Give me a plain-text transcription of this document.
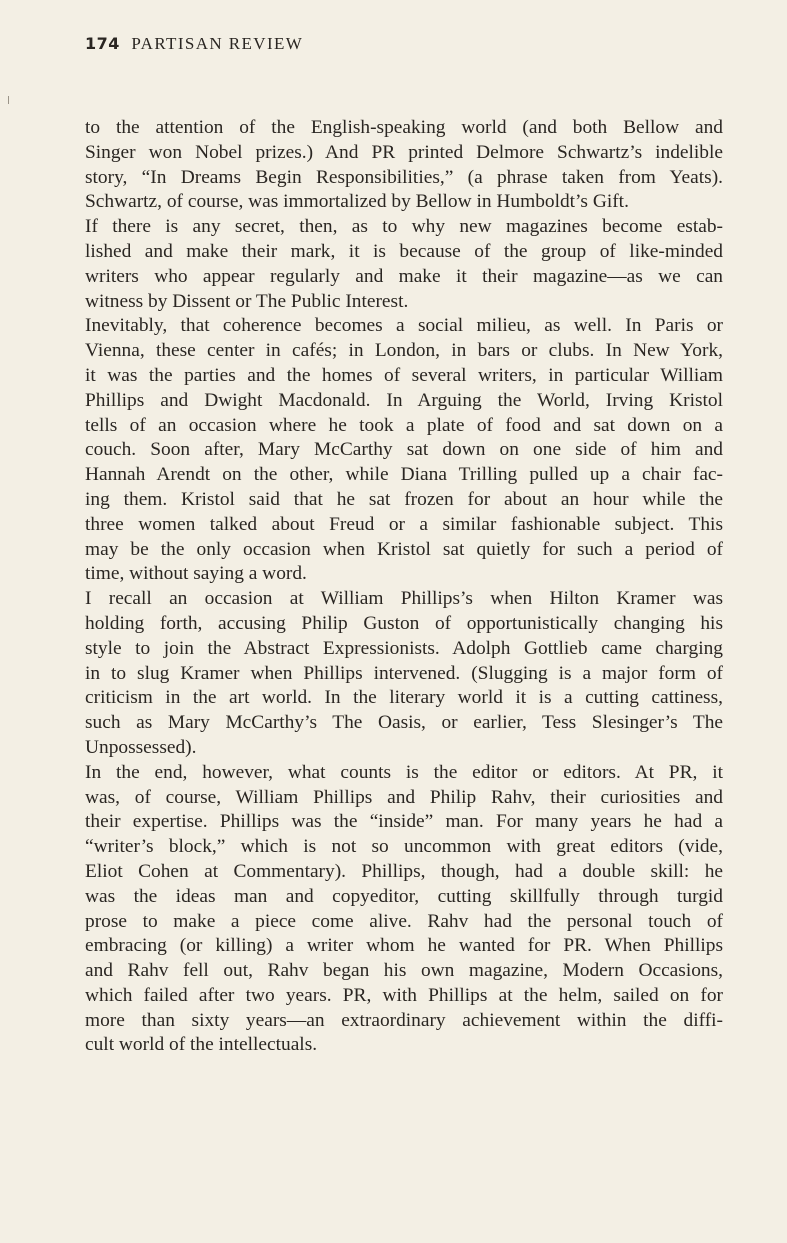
174 PARTISAN REVIEW

to the attention of the English-speaking world (and both Bellow and
Singer won Nobel prizes.) And PR printed Delmore Schwartz’s indelible
story, “In Dreams Begin Responsibilities,” (a phrase taken from Yeats).
Schwartz, of course, was immortalized by Bellow in Humboldt’s Gift.

If there is any secret, then, as to why new magazines become estab-
lished and make their mark, it is because of the group of like-minded
writers who appear regularly and make it their magazine—as we can
witness by Dissent or The Public Interest.

Inevitably, that coherence becomes a social milieu, as well. In Paris or
Vienna, these center in cafés; in London, in bars or clubs. In New York,
it was the parties and the homes of several writers, in particular William
Phillips and Dwight Macdonald. In Arguing the World, Irving Kristol
tells of an occasion where he took a plate of food and sat down on a
couch. Soon after, Mary McCarthy sat down on one side of him and
Hannah Arendt on the other, while Diana Trilling pulled up a chair fac-
ing them. Kristol said that he sat frozen for about an hour while the
three women talked about Freud or a similar fashionable subject. This
may be the only occasion when Kristol sat quietly for such a period of
time, without saying a word.

I recall an occasion at William Phillips’s when Hilton Kramer was
holding forth, accusing Philip Guston of opportunistically changing his
style to join the Abstract Expressionists. Adolph Gottlieb came charging
in to slug Kramer when Phillips intervened. (Slugging is a major form of
criticism in the art world. In the literary world it is a cutting cattiness,
such as Mary McCarthy’s The Oasis, or earlier, Tess Slesinger’s The
Unpossessed).

In the end, however, what counts is the editor or editors. At PR, it
was, of course, William Phillips and Philip Rahv, their curiosities and
their expertise. Phillips was the “inside” man. For many years he had a
“writer’s block,” which is not so uncommon with great editors (vide,
Eliot Cohen at Commentary). Phillips, though, had a double skill: he
was the ideas man and copyeditor, cutting skillfully through turgid
prose to make a piece come alive. Rahv had the personal touch of
embracing (or killing) a writer whom he wanted for PR. When Phillips
and Rahv fell out, Rahv began his own magazine, Modern Occasions,
which failed after two years. PR, with Phillips at the helm, sailed on for
more than sixty years—an extraordinary achievement within the diffi-
cult world of the intellectuals.
